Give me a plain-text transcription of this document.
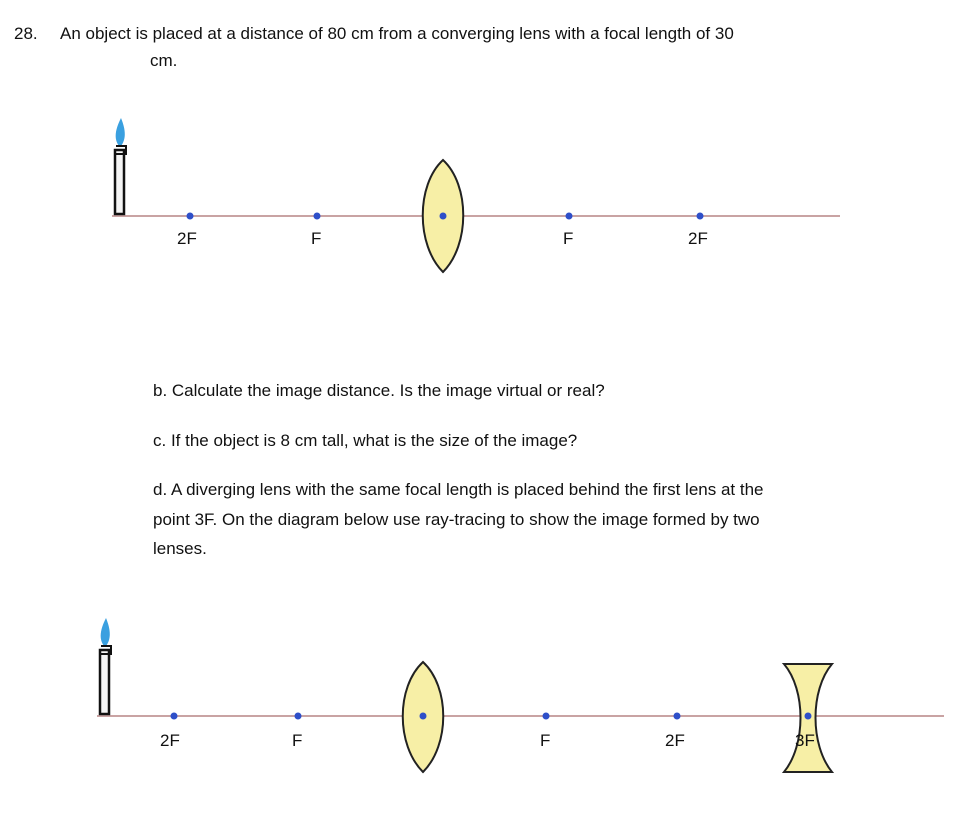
28. An object is placed at a distance of 80 cm from a converging lens with a focal length of 30
cm.
2F	F	F	2F
2F	F	F	2F	3F
b. Calculate the image distance. Is the image virtual or real?
c. If the object is 8 cm tall, what is the size of the image?
d. A diverging lens with the same focal length is placed behind the first lens at the
point 3F. On the diagram below use ray-tracing to show the image formed by two
lenses.
